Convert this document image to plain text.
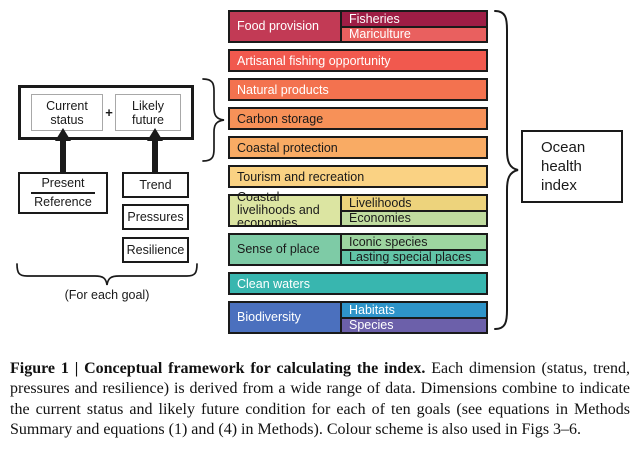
Current status	+	Likely future
Present
Reference
Trend
Pressures
Resilience
(For each goal)
Food provision
Fisheries
Mariculture
Artisanal fishing opportunity
Natural products
Carbon storage
Coastal protection
Tourism and recreation
Coastal livelihoods and economies
Livelihoods
Economies
Sense of place
Iconic species
Lasting special places
Clean waters
Biodiversity
Habitats
Species
Ocean health index

Figure 1 | Conceptual framework for calculating the index. Each dimension (status, trend, pressures and resilience) is derived from a wide range of data. Dimensions combine to indicate the current status and likely future condition for each of ten goals (see equations in Methods Summary and equations (1) and (4) in Methods). Colour scheme is also used in Figs 3–6.
